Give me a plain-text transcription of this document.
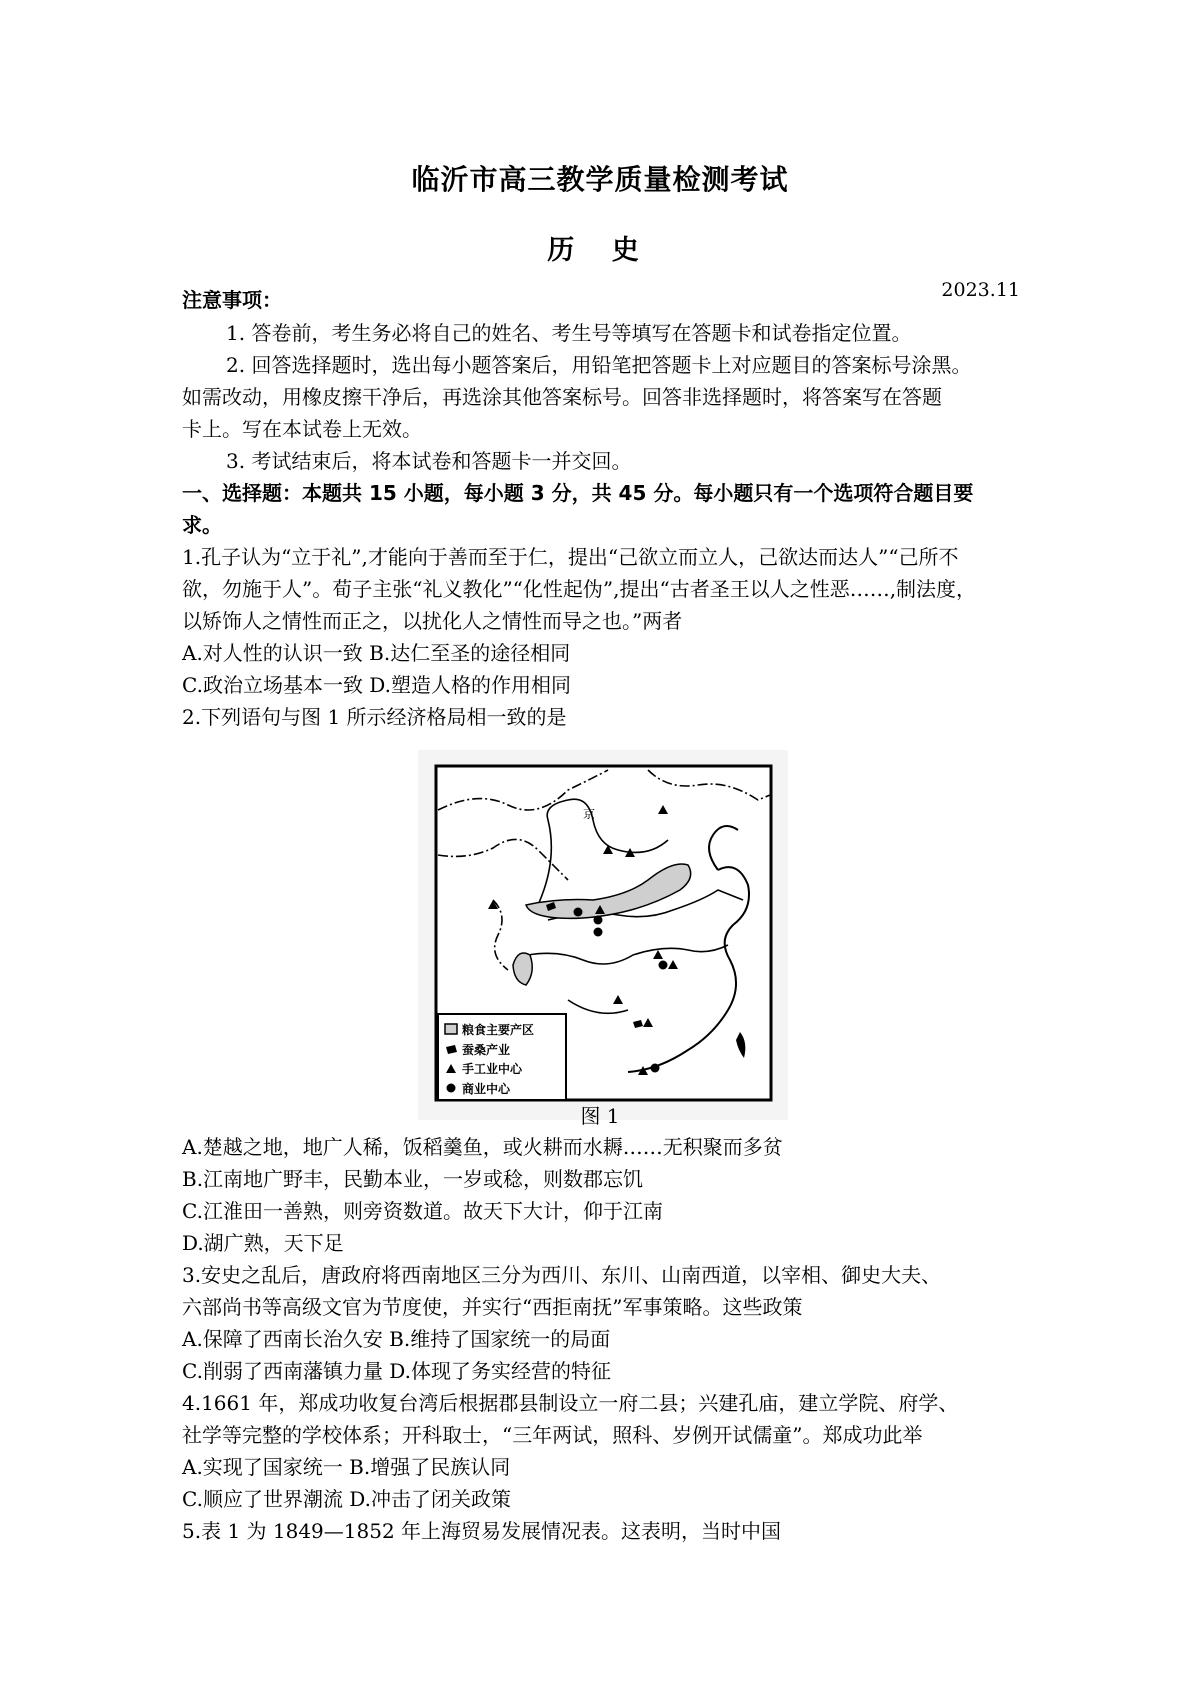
临沂市高三教学质量检测考试
历 史
2023.11
注意事项：
1. 答卷前，考生务必将自己的姓名、考生号等填写在答题卡和试卷指定位置。
2. 回答选择题时，选出每小题答案后，用铅笔把答题卡上对应题目的答案标号涂黑。
如需改动，用橡皮擦干净后，再选涂其他答案标号。回答非选择题时，将答案写在答题
卡上。写在本试卷上无效。
3. 考试结束后，将本试卷和答题卡一并交回。
一、选择题：本题共 15 小题，每小题 3 分，共 45 分。每小题只有一个选项符合题目要
求。
1.孔子认为“立于礼”,才能向于善而至于仁，提出“己欲立而立人，己欲达而达人”“己所不
欲，勿施于人”。荀子主张“礼义教化”“化性起伪”,提出“古者圣王以人之性恶……,制法度，
以矫饰人之情性而正之，以扰化人之情性而导之也。”两者
A.对人性的认识一致 B.达仁至圣的途径相同
C.政治立场基本一致 D.塑造人格的作用相同
2.下列语句与图 1 所示经济格局相一致的是
京
粮食主要产区
蚕桑产业
手工业中心
商业中心
图 1
A.楚越之地，地广人稀，饭稻羹鱼，或火耕而水耨……无积聚而多贫
B.江南地广野丰，民勤本业，一岁或稔，则数郡忘饥
C.江淮田一善熟，则旁资数道。故天下大计，仰于江南
D.湖广熟，天下足
3.安史之乱后，唐政府将西南地区三分为西川、东川、山南西道，以宰相、御史大夫、
六部尚书等高级文官为节度使，并实行“西拒南抚”军事策略。这些政策
A.保障了西南长治久安 B.维持了国家统一的局面
C.削弱了西南藩镇力量 D.体现了务实经营的特征
4.1661 年，郑成功收复台湾后根据郡县制设立一府二县；兴建孔庙，建立学院、府学、
社学等完整的学校体系；开科取士，“三年两试，照科、岁例开试儒童”。郑成功此举
A.实现了国家统一 B.增强了民族认同
C.顺应了世界潮流 D.冲击了闭关政策
5.表 1 为 1849—1852 年上海贸易发展情况表。这表明，当时中国
